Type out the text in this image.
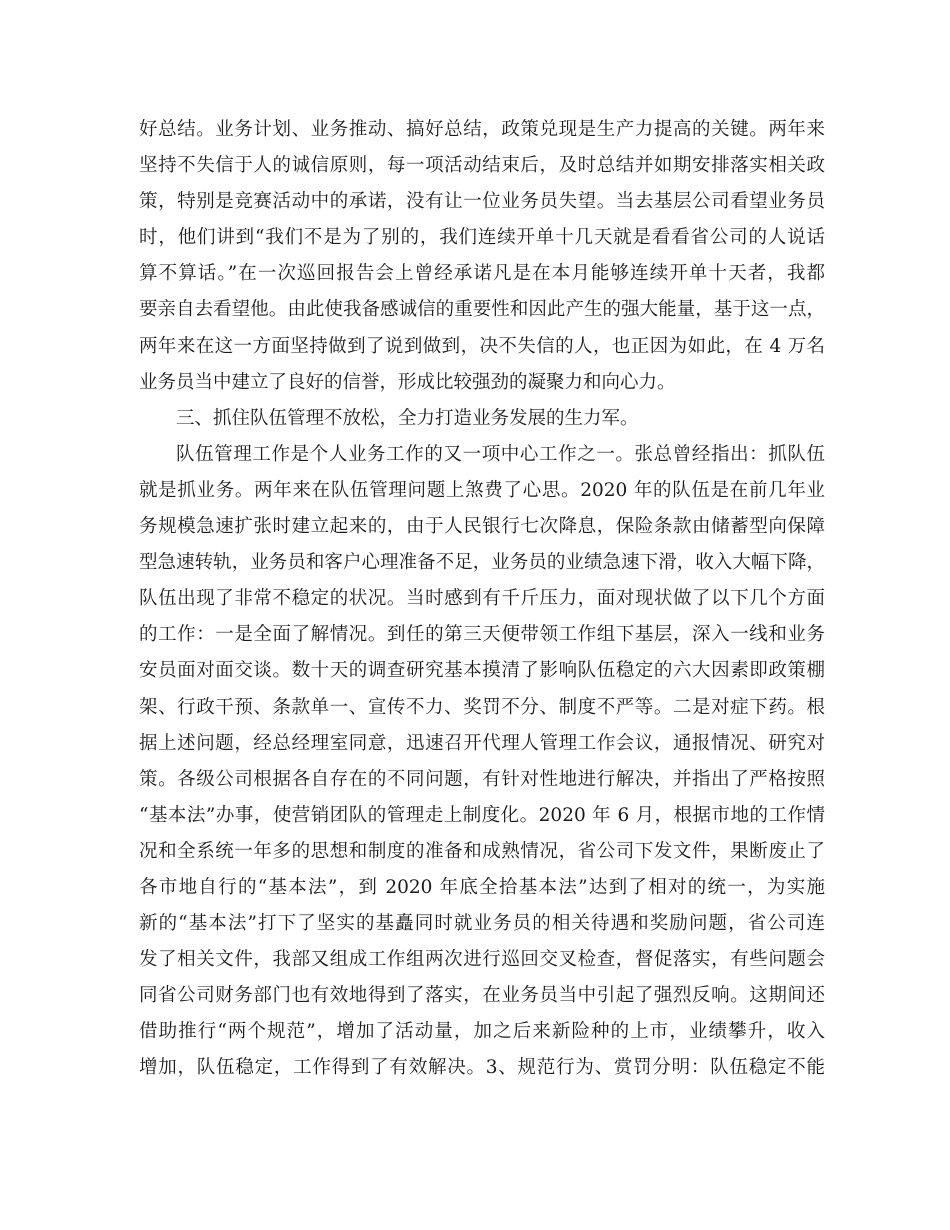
好总结。业务计划、业务推动、搞好总结，政策兑现是生产力提高的关键。两年来
坚持不失信于人的诚信原则，每一项活动结束后，及时总结并如期安排落实相关政
策，特别是竞赛活动中的承诺，没有让一位业务员失望。当去基层公司看望业务员
时，他们讲到“我们不是为了别的，我们连续开单十几天就是看看省公司的人说话
算不算话。”在一次巡回报告会上曾经承诺凡是在本月能够连续开单十天者，我都
要亲自去看望他。由此使我备感诚信的重要性和因此产生的强大能量，基于这一点，
两年来在这一方面坚持做到了说到做到，决不失信的人，也正因为如此，在 4 万名
业务员当中建立了良好的信誉，形成比较强劲的凝聚力和向心力。
三、抓住队伍管理不放松，全力打造业务发展的生力军。
队伍管理工作是个人业务工作的又一项中心工作之一。张总曾经指出：抓队伍
就是抓业务。两年来在队伍管理问题上煞费了心思。2020 年的队伍是在前几年业
务规模急速扩张时建立起来的，由于人民银行七次降息，保险条款由储蓄型向保障
型急速转轨，业务员和客户心理准备不足，业务员的业绩急速下滑，收入大幅下降，
队伍出现了非常不稳定的状况。当时感到有千斤压力，面对现状做了以下几个方面
的工作：一是全面了解情况。到任的第三天便带领工作组下基层，深入一线和业务
安员面对面交谈。数十天的调查研究基本摸清了影响队伍稳定的六大因素即政策棚
架、行政干预、条款单一、宣传不力、奖罚不分、制度不严等。二是对症下药。根
据上述问题，经总经理室同意，迅速召开代理人管理工作会议，通报情况、研究对
策。各级公司根据各自存在的不同问题，有针对性地进行解决，并指出了严格按照
“基本法”办事，使营销团队的管理走上制度化。2020 年 6 月，根据市地的工作情
况和全系统一年多的思想和制度的准备和成熟情况，省公司下发文件，果断废止了
各市地自行的“基本法”，到 2020 年底全拾基本法”达到了相对的统一，为实施
新的“基本法”打下了坚实的基矗同时就业务员的相关待遇和奖励问题，省公司连
发了相关文件，我部又组成工作组两次进行巡回交叉检查，督促落实，有些问题会
同省公司财务部门也有效地得到了落实，在业务员当中引起了强烈反响。这期间还
借助推行“两个规范”，增加了活动量，加之后来新险种的上市，业绩攀升，收入
增加，队伍稳定，工作得到了有效解决。3、规范行为、赏罚分明：队伍稳定不能
